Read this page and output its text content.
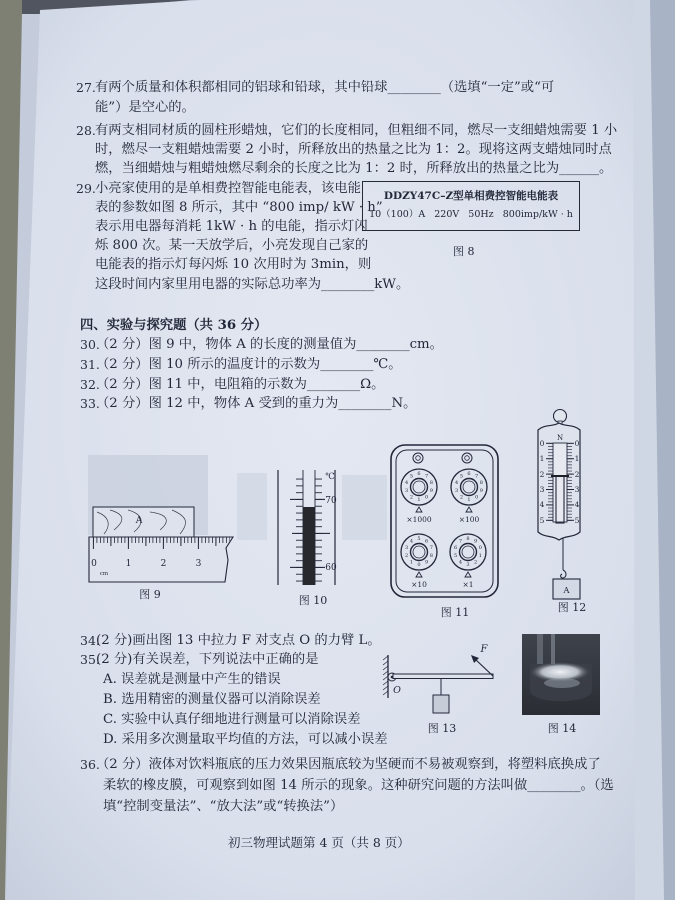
27. 有两个质量和体积都相同的铝球和铅球，其中铅球________（选填“一定”或“可
能”）是空心的。
28. 有两支相同材质的圆柱形蜡烛，它们的长度相同，但粗细不同，燃尽一支细蜡烛需要 1 小
时，燃尽一支粗蜡烛需要 2 小时，所释放出的热量之比为 1：2。现将这两支蜡烛同时点
燃，当细蜡烛与粗蜡烛燃尽剩余的长度之比为 1：2 时，所释放出的热量之比为______。
29. 小亮家使用的是单相费控智能电能表，该电能
表的参数如图 8 所示，其中 “800 imp/ kW · h”
表示用电器每消耗 1kW · h 的电能，指示灯闪
烁 800 次。某一天放学后，小亮发现自己家的
电能表的指示灯每闪烁 10 次用时为 3min，则
这段时间内家里用电器的实际总功率为________kW。
DDZY47C–Z型单相费控智能电能表
10（100）A   220V   50Hz   800imp/kW · h
图 8
四、实验与探究题（共 36 分）
30.
（2 分）图 9 中，物体 A 的长度的测量值为________cm。
31.
（2 分）图 10 所示的温度计的示数为________℃。
32.
（2 分）图 11 中，电阻箱的示数为________Ω。
33.
（2 分）图 12 中，物体 A 受到的重力为________N。
A
0	1	2	3
cm
图 9
70
60
℃
图 10
1
2
3
4
5 6 7
8
9
0	1
2
3
4
5 6 7
8
9
0
0
1
2
3
4 5 6
7
8
9	3
4
5
6
7 8 9
0
1
2
×1000	×100
×10	×1
图 11
N
0
1
2
3
4
5
0
1
2
3
4
5
A
图 12
F
O
图 13	图 14
34.
(2 分)画出图 13 中拉力 F 对支点 O 的力臂 L。
35.
(2 分)有关误差，下列说法中正确的是
A. 误差就是测量中产生的错误
B. 选用精密的测量仪器可以消除误差
C. 实验中认真仔细地进行测量可以消除误差
D. 采用多次测量取平均值的方法，可以减小误差
36.
（2 分）液体对饮料瓶底的压力效果因瓶底较为坚硬而不易被观察到，将塑料底换成了
柔软的橡皮膜，可观察到如图 14 所示的现象。这种研究问题的方法叫做________。（选
填“控制变量法”、“放大法”或“转换法”）
初三物理试题第 4 页（共 8 页）
